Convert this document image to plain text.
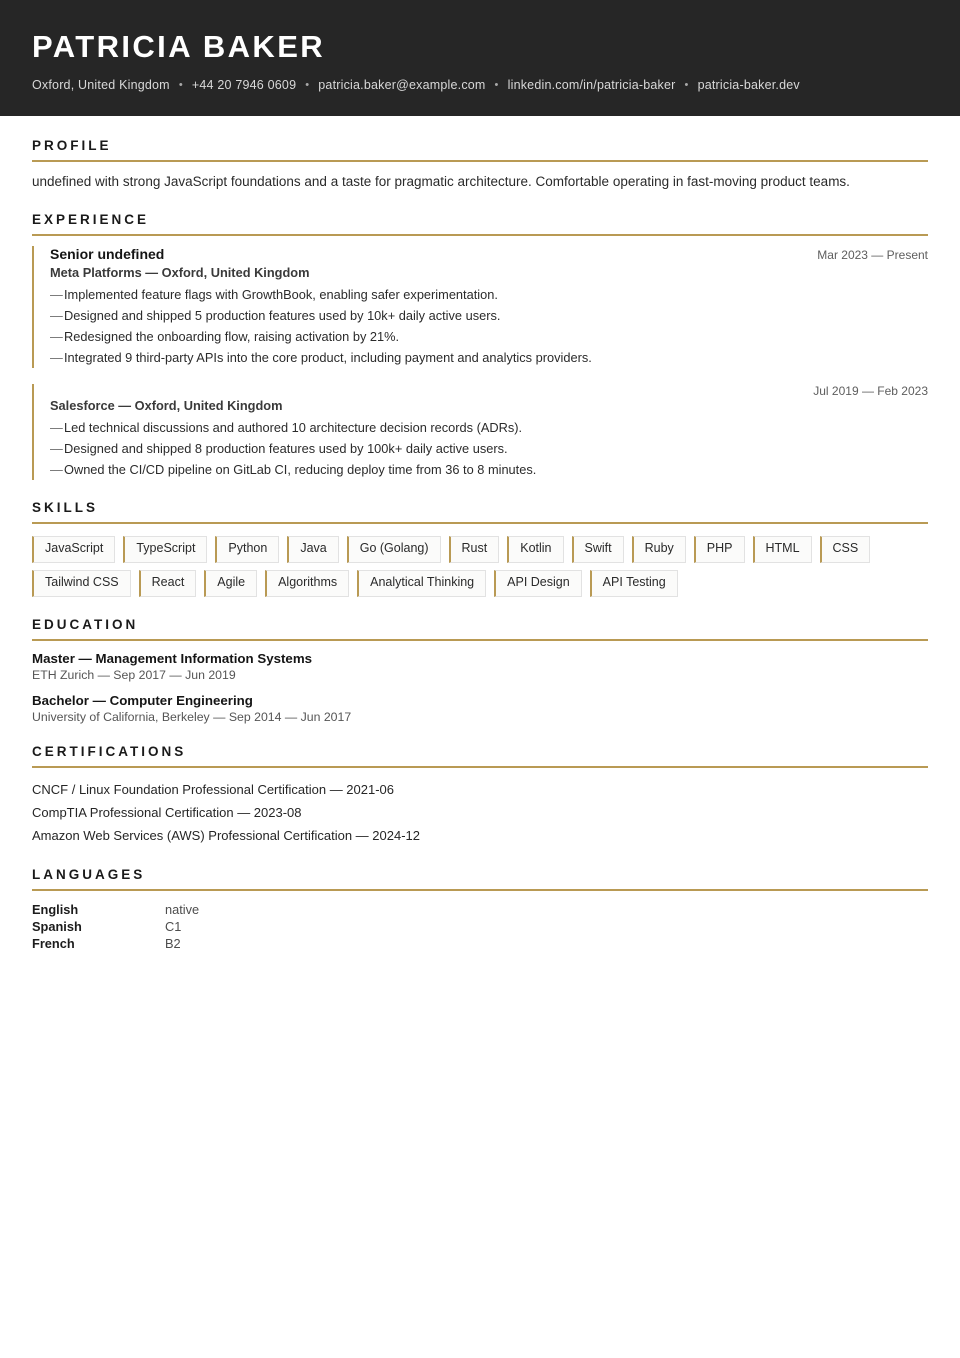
PATRICIA BAKER
Oxford, United Kingdom • +44 20 7946 0609 • patricia.baker@example.com • linkedin.com/in/patricia-baker • patricia-baker.dev
PROFILE
undefined with strong JavaScript foundations and a taste for pragmatic architecture. Comfortable operating in fast-moving product teams.
EXPERIENCE
Senior undefined	Mar 2023 — Present
Meta Platforms — Oxford, United Kingdom
— Implemented feature flags with GrowthBook, enabling safer experimentation.
— Designed and shipped 5 production features used by 10k+ daily active users.
— Redesigned the onboarding flow, raising activation by 21%.
— Integrated 9 third-party APIs into the core product, including payment and analytics providers.
Jul 2019 — Feb 2023
Salesforce — Oxford, United Kingdom
— Led technical discussions and authored 10 architecture decision records (ADRs).
— Designed and shipped 8 production features used by 100k+ daily active users.
— Owned the CI/CD pipeline on GitLab CI, reducing deploy time from 36 to 8 minutes.
SKILLS
JavaScript	TypeScript	Python	Java	Go (Golang)	Rust	Kotlin	Swift	Ruby	PHP	HTML	CSS
Tailwind CSS	React	Agile	Algorithms	Analytical Thinking	API Design	API Testing
EDUCATION
Master — Management Information Systems
ETH Zurich — Sep 2017 — Jun 2019
Bachelor — Computer Engineering
University of California, Berkeley — Sep 2014 — Jun 2017
CERTIFICATIONS
CNCF / Linux Foundation Professional Certification — 2021-06
CompTIA Professional Certification — 2023-08
Amazon Web Services (AWS) Professional Certification — 2024-12
LANGUAGES
English	native
Spanish	C1
French	B2
